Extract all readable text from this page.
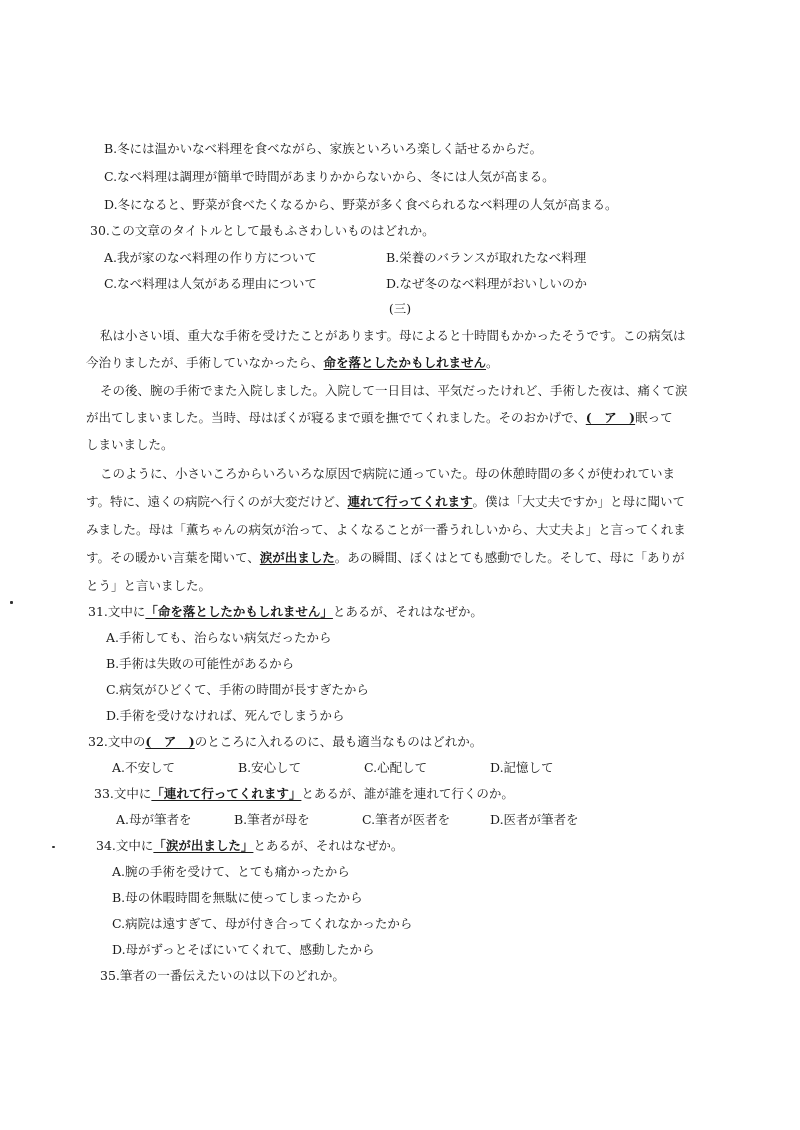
B.冬には温かいなべ料理を食べながら、家族といろいろ楽しく話せるからだ。
C.なべ料理は調理が簡単で時間があまりかからないから、冬には人気が高まる。
D.冬になると、野菜が食べたくなるから、野菜が多く食べられるなべ料理の人気が高まる。
30.この文章のタイトルとして最もふさわしいものはどれか。
A.我が家のなべ料理の作り方について	B.栄養のバランスが取れたなべ料理
C.なべ料理は人気がある理由について	D.なぜ冬のなべ料理がおいしいのか
(三)
私は小さい頃、重大な手術を受けたことがあります。母によると十時間もかかったそうです。この病気は
今治りましたが、手術していなかったら、命を落としたかもしれません。
その後、腕の手術でまた入院しました。入院して一日目は、平気だったけれど、手術した夜は、痛くて涙
が出てしまいました。当時、母はぼくが寝るまで頭を撫でてくれました。そのおかげで、(　ア　)眠って
しまいました。
このように、小さいころからいろいろな原因で病院に通っていた。母の休憩時間の多くが使われていま
す。特に、遠くの病院へ行くのが大変だけど、連れて行ってくれます。僕は「大丈夫ですか」と母に聞いて
みました。母は「薫ちゃんの病気が治って、よくなることが一番うれしいから、大丈夫よ」と言ってくれま
す。その暖かい言葉を聞いて、涙が出ました。あの瞬間、ぼくはとても感動でした。そして、母に「ありが
とう」と言いました。
31.文中に「命を落としたかもしれません」とあるが、それはなぜか。
A.手術しても、治らない病気だったから
B.手術は失敗の可能性があるから
C.病気がひどくて、手術の時間が長すぎたから
D.手術を受けなければ、死んでしまうから
32.文中の(　ア　)のところに入れるのに、最も適当なものはどれか。
A.不安して	B.安心して	C.心配して	D.記憶して
33.文中に「連れて行ってくれます」とあるが、誰が誰を連れて行くのか。
A.母が筆者を	B.筆者が母を	C.筆者が医者を	D.医者が筆者を
34.文中に「涙が出ました」とあるが、それはなぜか。
A.腕の手術を受けて、とても痛かったから
B.母の休暇時間を無駄に使ってしまったから
C.病院は遠すぎて、母が付き合ってくれなかったから
D.母がずっとそばにいてくれて、感動したから
35.筆者の一番伝えたいのは以下のどれか。
